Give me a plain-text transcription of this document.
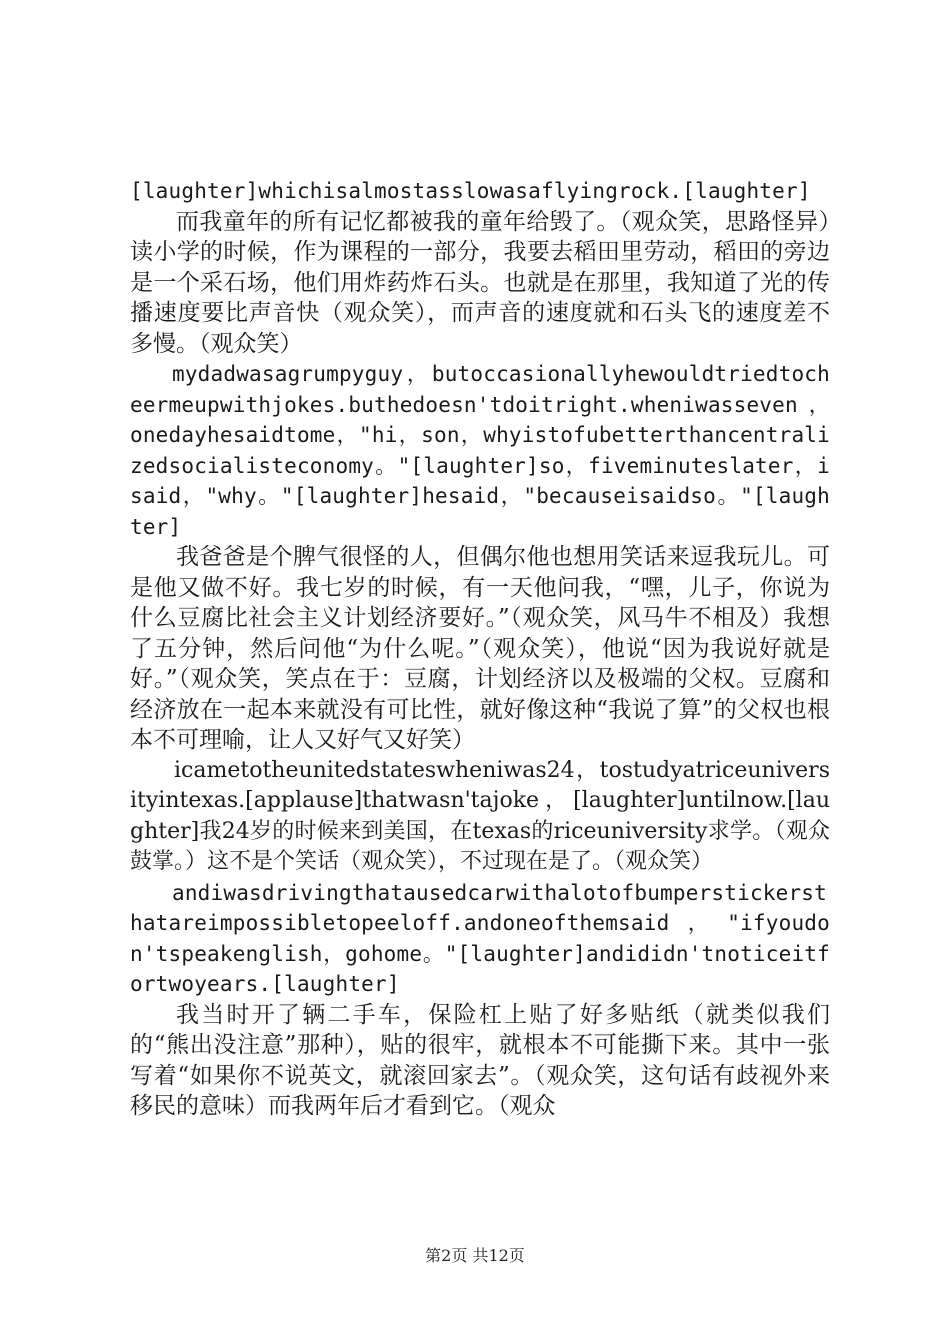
[laughter]whichisalmostasslowasaflyingrock.[laughter]

而我童年的所有记忆都被我的童年给毁了。（观众笑，思路怪异）读小学的时候，作为课程的一部分，我要去稻田里劳动，稻田的旁边是一个采石场，他们用炸药炸石头。也就是在那里，我知道了光的传播速度要比声音快（观众笑），而声音的速度就和石头飞的速度差不多慢。（观众笑）

mydadwasagrumpyguy，butoccasionallyhewouldtriedtocheermeupwithjokes.buthedoesn'tdoitright.wheniwasseven，onedayhesaidtome，"hi，son，whyistofubetterthancentralizedsocialisteconomy。"[laughter]so，fiveminuteslater，isaid，"why。"[laughter]hesaid，"becauseisaidso。"[laughter]

我爸爸是个脾气很怪的人，但偶尔他也想用笑话来逗我玩儿。可是他又做不好。我七岁的时候，有一天他问我，“嘿，儿子，你说为什么豆腐比社会主义计划经济要好。”（观众笑，风马牛不相及）我想了五分钟，然后问他“为什么呢。”（观众笑），他说“因为我说好就是好。”（观众笑，笑点在于：豆腐，计划经济以及极端的父权。豆腐和经济放在一起本来就没有可比性，就好像这种“我说了算”的父权也根本不可理喻，让人又好气又好笑）

icametotheunitedstateswheniwas24，tostudyatriceuniversityintexas.[applause]thatwasn'tajoke，[laughter]untilnow.[laughter]我24岁的时候来到美国，在texas的riceuniversity求学。（观众鼓掌。）这不是个笑话（观众笑），不过现在是了。（观众笑）

andiwasdrivingthatausedcarwithalotofbumperstickersthatareimpossibletopeeloff.andoneofthemsaid，"ifyoudon'tspeakenglish，gohome。"[laughter]andididn'tnoticeitfortwoyears.[laughter]

我当时开了辆二手车，保险杠上贴了好多贴纸（就类似我们的“熊出没注意”那种），贴的很牢，就根本不可能撕下来。其中一张写着“如果你不说英文，就滚回家去”。（观众笑，这句话有歧视外来移民的意味）而我两年后才看到它。（观众

第2页 共12页
